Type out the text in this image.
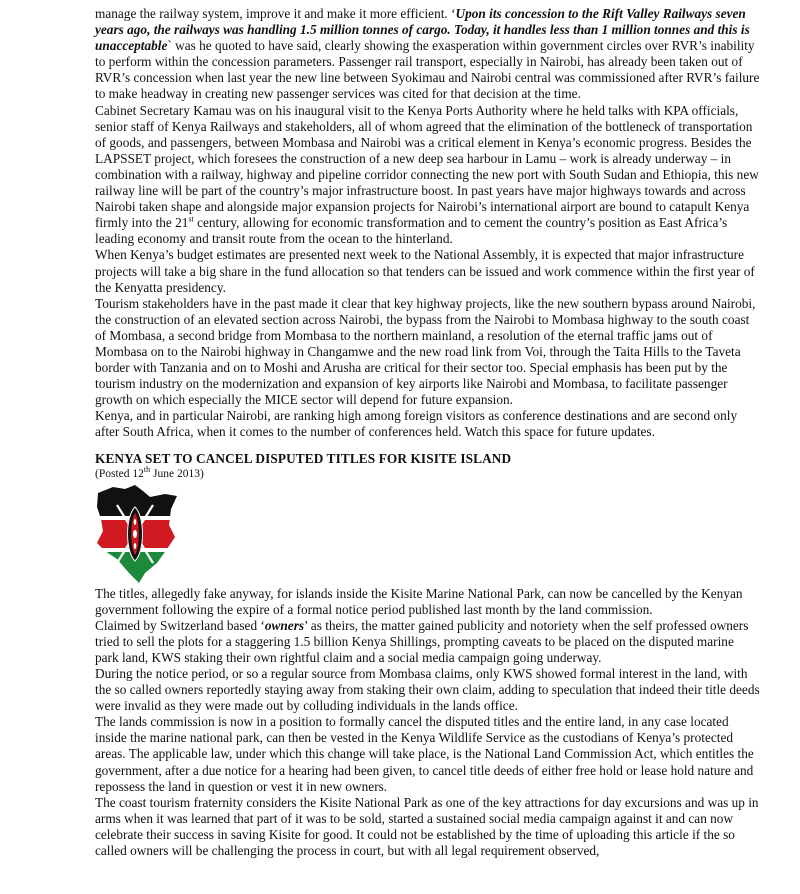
manage the railway system, improve it and make it more efficient. ‘Upon its concession to the Rift Valley Railways seven years ago, the railways was handling 1.5 million tonnes of cargo. Today, it handles less than 1 million tonnes and this is unacceptable` was he quoted to have said, clearly showing the exasperation within government circles over RVR’s inability to perform within the concession parameters. Passenger rail transport, especially in Nairobi, has already been taken out of RVR’s concession when last year the new line between Syokimau and Nairobi central was commissioned after RVR’s failure to make headway in creating new passenger services was cited for that decision at the time.

Cabinet Secretary Kamau was on his inaugural visit to the Kenya Ports Authority where he held talks with KPA officials, senior staff of Kenya Railways and stakeholders, all of whom agreed that the elimination of the bottleneck of transportation of goods, and passengers, between Mombasa and Nairobi was a critical element in Kenya’s economic progress. Besides the LAPSSET project, which foresees the construction of a new deep sea harbour in Lamu – work is already underway – in combination with a railway, highway and pipeline corridor connecting the new port with South Sudan and Ethiopia, this new railway line will be part of the country’s major infrastructure boost. In past years have major highways towards and across Nairobi taken shape and alongside major expansion projects for Nairobi’s international airport are bound to catapult Kenya firmly into the 21st century, allowing for economic transformation and to cement the country’s position as East Africa’s leading economy and transit route from the ocean to the hinterland.

When Kenya’s budget estimates are presented next week to the National Assembly, it is expected that major infrastructure projects will take a big share in the fund allocation so that tenders can be issued and work commence within the first year of the Kenyatta presidency.

Tourism stakeholders have in the past made it clear that key highway projects, like the new southern bypass around Nairobi, the construction of an elevated section across Nairobi, the bypass from the Nairobi to Mombasa highway to the south coast of Mombasa, a second bridge from Mombasa to the northern mainland, a resolution of the eternal traffic jams out of Mombasa on to the Nairobi highway in Changamwe and the new road link from Voi, through the Taita Hills to the Taveta border with Tanzania and on to Moshi and Arusha are critical for their sector too. Special emphasis has been put by the tourism industry on the modernization and expansion of key airports like Nairobi and Mombasa, to facilitate passenger growth on which especially the MICE sector will depend for future expansion.

Kenya, and in particular Nairobi, are ranking high among foreign visitors as conference destinations and are second only after South Africa, when it comes to the number of conferences held. Watch this space for future updates.

KENYA SET TO CANCEL DISPUTED TITLES FOR KISITE ISLAND
(Posted 12th June 2013)

The titles, allegedly fake anyway, for islands inside the Kisite Marine National Park, can now be cancelled by the Kenyan government following the expire of a formal notice period published last month by the land commission.

Claimed by Switzerland based ‘owners’ as theirs, the matter gained publicity and notoriety when the self professed owners tried to sell the plots for a staggering 1.5 billion Kenya Shillings, prompting caveats to be placed on the disputed marine park land, KWS staking their own rightful claim and a social media campaign going underway.

During the notice period, or so a regular source from Mombasa claims, only KWS showed formal interest in the land, with the so called owners reportedly staying away from staking their own claim, adding to speculation that indeed their title deeds were invalid as they were made out by colluding individuals in the lands office.

The lands commission is now in a position to formally cancel the disputed titles and the entire land, in any case located inside the marine national park, can then be vested in the Kenya Wildlife Service as the custodians of Kenya’s protected areas. The applicable law, under which this change will take place, is the National Land Commission Act, which entitles the government, after a due notice for a hearing had been given, to cancel title deeds of either free hold or lease hold nature and repossess the land in question or vest it in new owners.

The coast tourism fraternity considers the Kisite National Park as one of the key attractions for day excursions and was up in arms when it was learned that part of it was to be sold, started a sustained social media campaign against it and can now celebrate their success in saving Kisite for good. It could not be established by the time of uploading this article if the so called owners will be challenging the process in court, but with all legal requirement observed,
